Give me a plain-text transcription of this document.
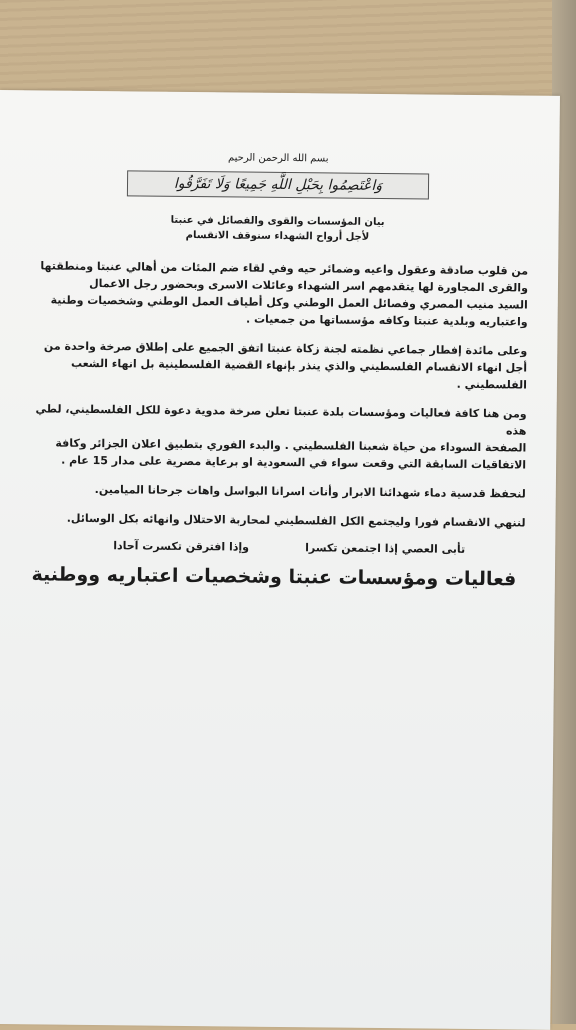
بسم الله الرحمن الرحيم
وَاعْتَصِمُوا بِحَبْلِ اللَّهِ جَمِيعًا وَلَا تَفَرَّقُوا
بيان المؤسسات والقوى والفصائل في عنبتا
لأجل أرواح الشهداء سنوقف الانقسام
من قلوب صادقة وعقول واعيه وضمائر حيه وفي لقاء ضم المئات من أهالي عنبتا ومنطقتها
والقرى المجاورة لها يتقدمهم اسر الشهداء وعائلات الاسرى وبحضور رجل الاعمال
السيد منيب المصري وفصائل العمل الوطني وكل أطياف العمل الوطني وشخصيات وطنية
واعتباريه وبلدية عنبتا وكافه مؤسساتها من جمعيات .
وعلى مائدة إفطار جماعي نظمته لجنة زكاة عنبتا اتفق الجميع على إطلاق صرخة واحدة من
أجل انهاء الانقسام الفلسطيني والذي ينذر بإنهاء القضية الفلسطينية بل انهاء الشعب الفلسطيني .
ومن هنا كافة فعاليات ومؤسسات بلدة عنبتا تعلن صرخة مدوية دعوة للكل الفلسطيني، لطي هذه
الصفحة السوداء من حياة شعبنا الفلسطيني . والبدء الفوري بتطبيق اعلان الجزائر وكافة
الاتفاقيات السابقة التي وقعت سواء في السعودية او برعاية مصرية على مدار 15 عام .
لنحفظ قدسية دماء شهدائنا الابرار وأنات اسرانا البواسل واهات جرحانا الميامين.
لننهي الانقسام فورا وليجتمع الكل الفلسطيني لمحاربة الاحتلال وانهائه بكل الوسائل.
تأبى العصي إذا اجتمعن تكسرا
وإذا افترقن تكسرت آحادا
فعاليات ومؤسسات عنبتا وشخصيات اعتباريه ووطنية
